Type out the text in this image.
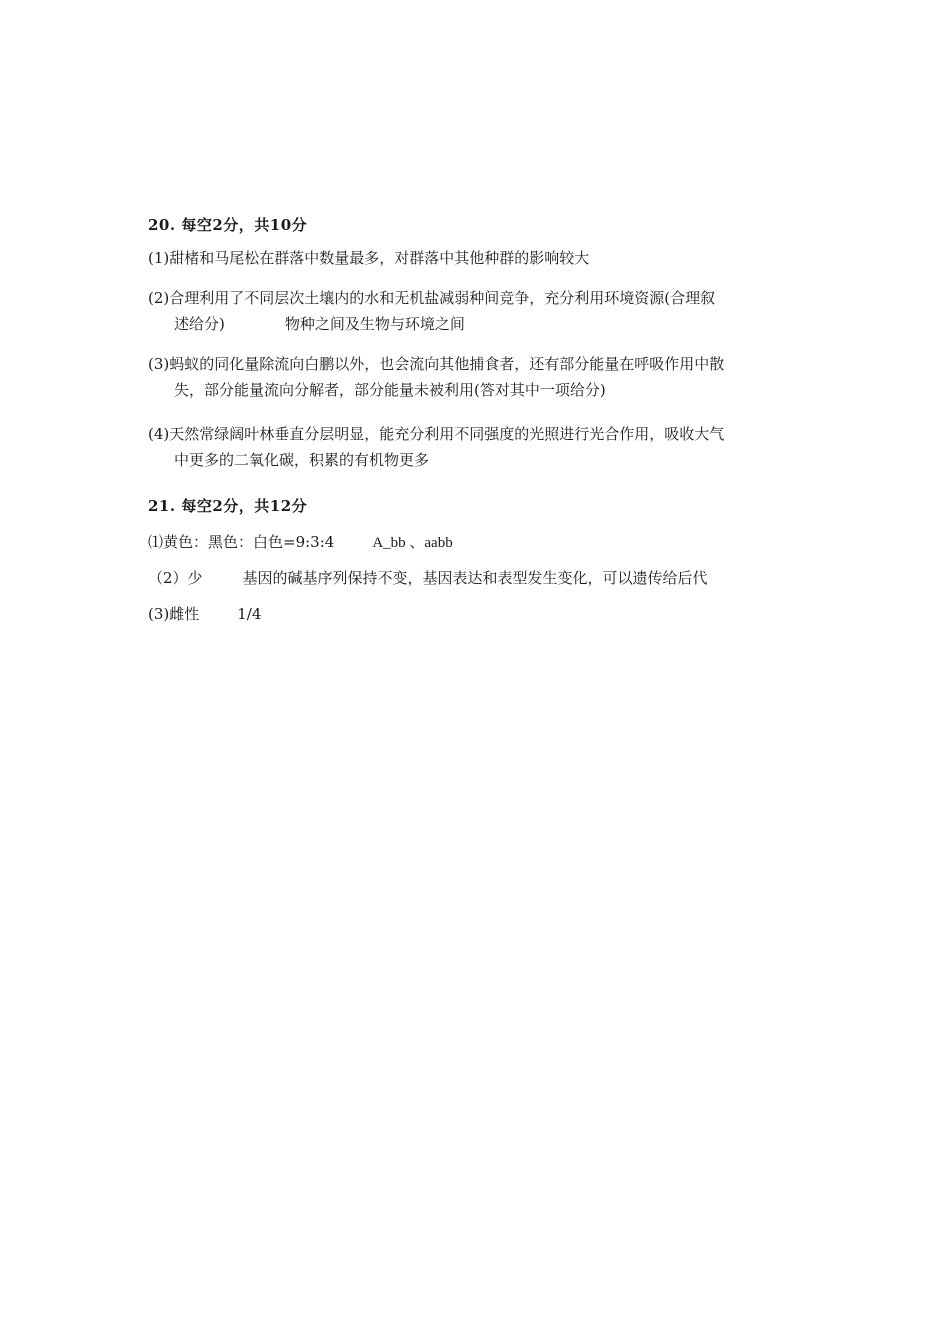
20. 每空2分，共10分
(1)甜楮和马尾松在群落中数量最多，对群落中其他种群的影响较大
(2)合理利用了不同层次土壤内的水和无机盐减弱种间竞争，充分利用环境资源(合理叙
述给分)	物种之间及生物与环境之间
(3)蚂蚁的同化量除流向白鹏以外，也会流向其他捕食者，还有部分能量在呼吸作用中散
失，部分能量流向分解者，部分能量未被利用(答对其中一项给分)
(4)天然常绿阔叶林垂直分层明显，能充分利用不同强度的光照进行光合作用，吸收大气
中更多的二氧化碳，积累的有机物更多
21. 每空2分，共12分
⑴黄色：黑色：白色=9:3:4	A_bb 、aabb
（2）少	基因的碱基序列保持不变，基因表达和表型发生变化，可以遗传给后代
(3)雌性	1/4
